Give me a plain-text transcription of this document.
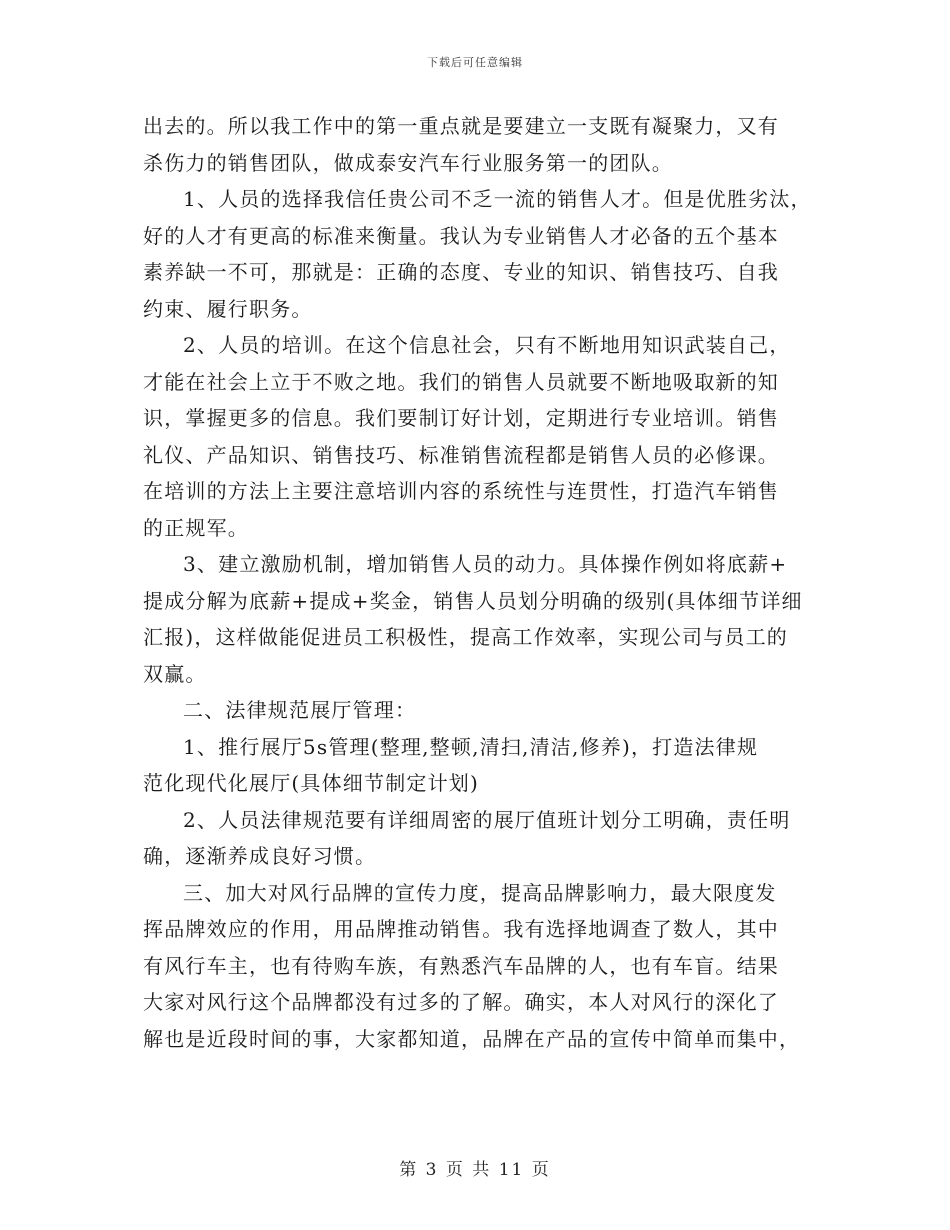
下载后可任意编辑
出去的。所以我工作中的第一重点就是要建立一支既有凝聚力，又有
杀伤力的销售团队，做成泰安汽车行业服务第一的团队。
1、人员的选择我信任贵公司不乏一流的销售人才。但是优胜劣汰，
好的人才有更高的标准来衡量。我认为专业销售人才必备的五个基本
素养缺一不可，那就是：正确的态度、专业的知识、销售技巧、自我
约束、履行职务。
2、人员的培训。在这个信息社会，只有不断地用知识武装自己，
才能在社会上立于不败之地。我们的销售人员就要不断地吸取新的知
识，掌握更多的信息。我们要制订好计划，定期进行专业培训。销售
礼仪、产品知识、销售技巧、标准销售流程都是销售人员的必修课。
在培训的方法上主要注意培训内容的系统性与连贯性，打造汽车销售
的正规军。
3、建立激励机制，增加销售人员的动力。具体操作例如将底薪+
提成分解为底薪+提成+奖金，销售人员划分明确的级别(具体细节详细
汇报)，这样做能促进员工积极性，提高工作效率，实现公司与员工的
双赢。
二、法律规范展厅管理：
1、推行展厅5s管理(整理,整顿,清扫,清洁,修养)，打造法律规
范化现代化展厅(具体细节制定计划)
2、人员法律规范要有详细周密的展厅值班计划分工明确，责任明
确，逐渐养成良好习惯。
三、加大对风行品牌的宣传力度，提高品牌影响力，最大限度发
挥品牌效应的作用，用品牌推动销售。我有选择地调查了数人，其中
有风行车主，也有待购车族，有熟悉汽车品牌的人，也有车盲。结果
大家对风行这个品牌都没有过多的了解。确实，本人对风行的深化了
解也是近段时间的事，大家都知道，品牌在产品的宣传中简单而集中，
第 3 页 共 11 页
